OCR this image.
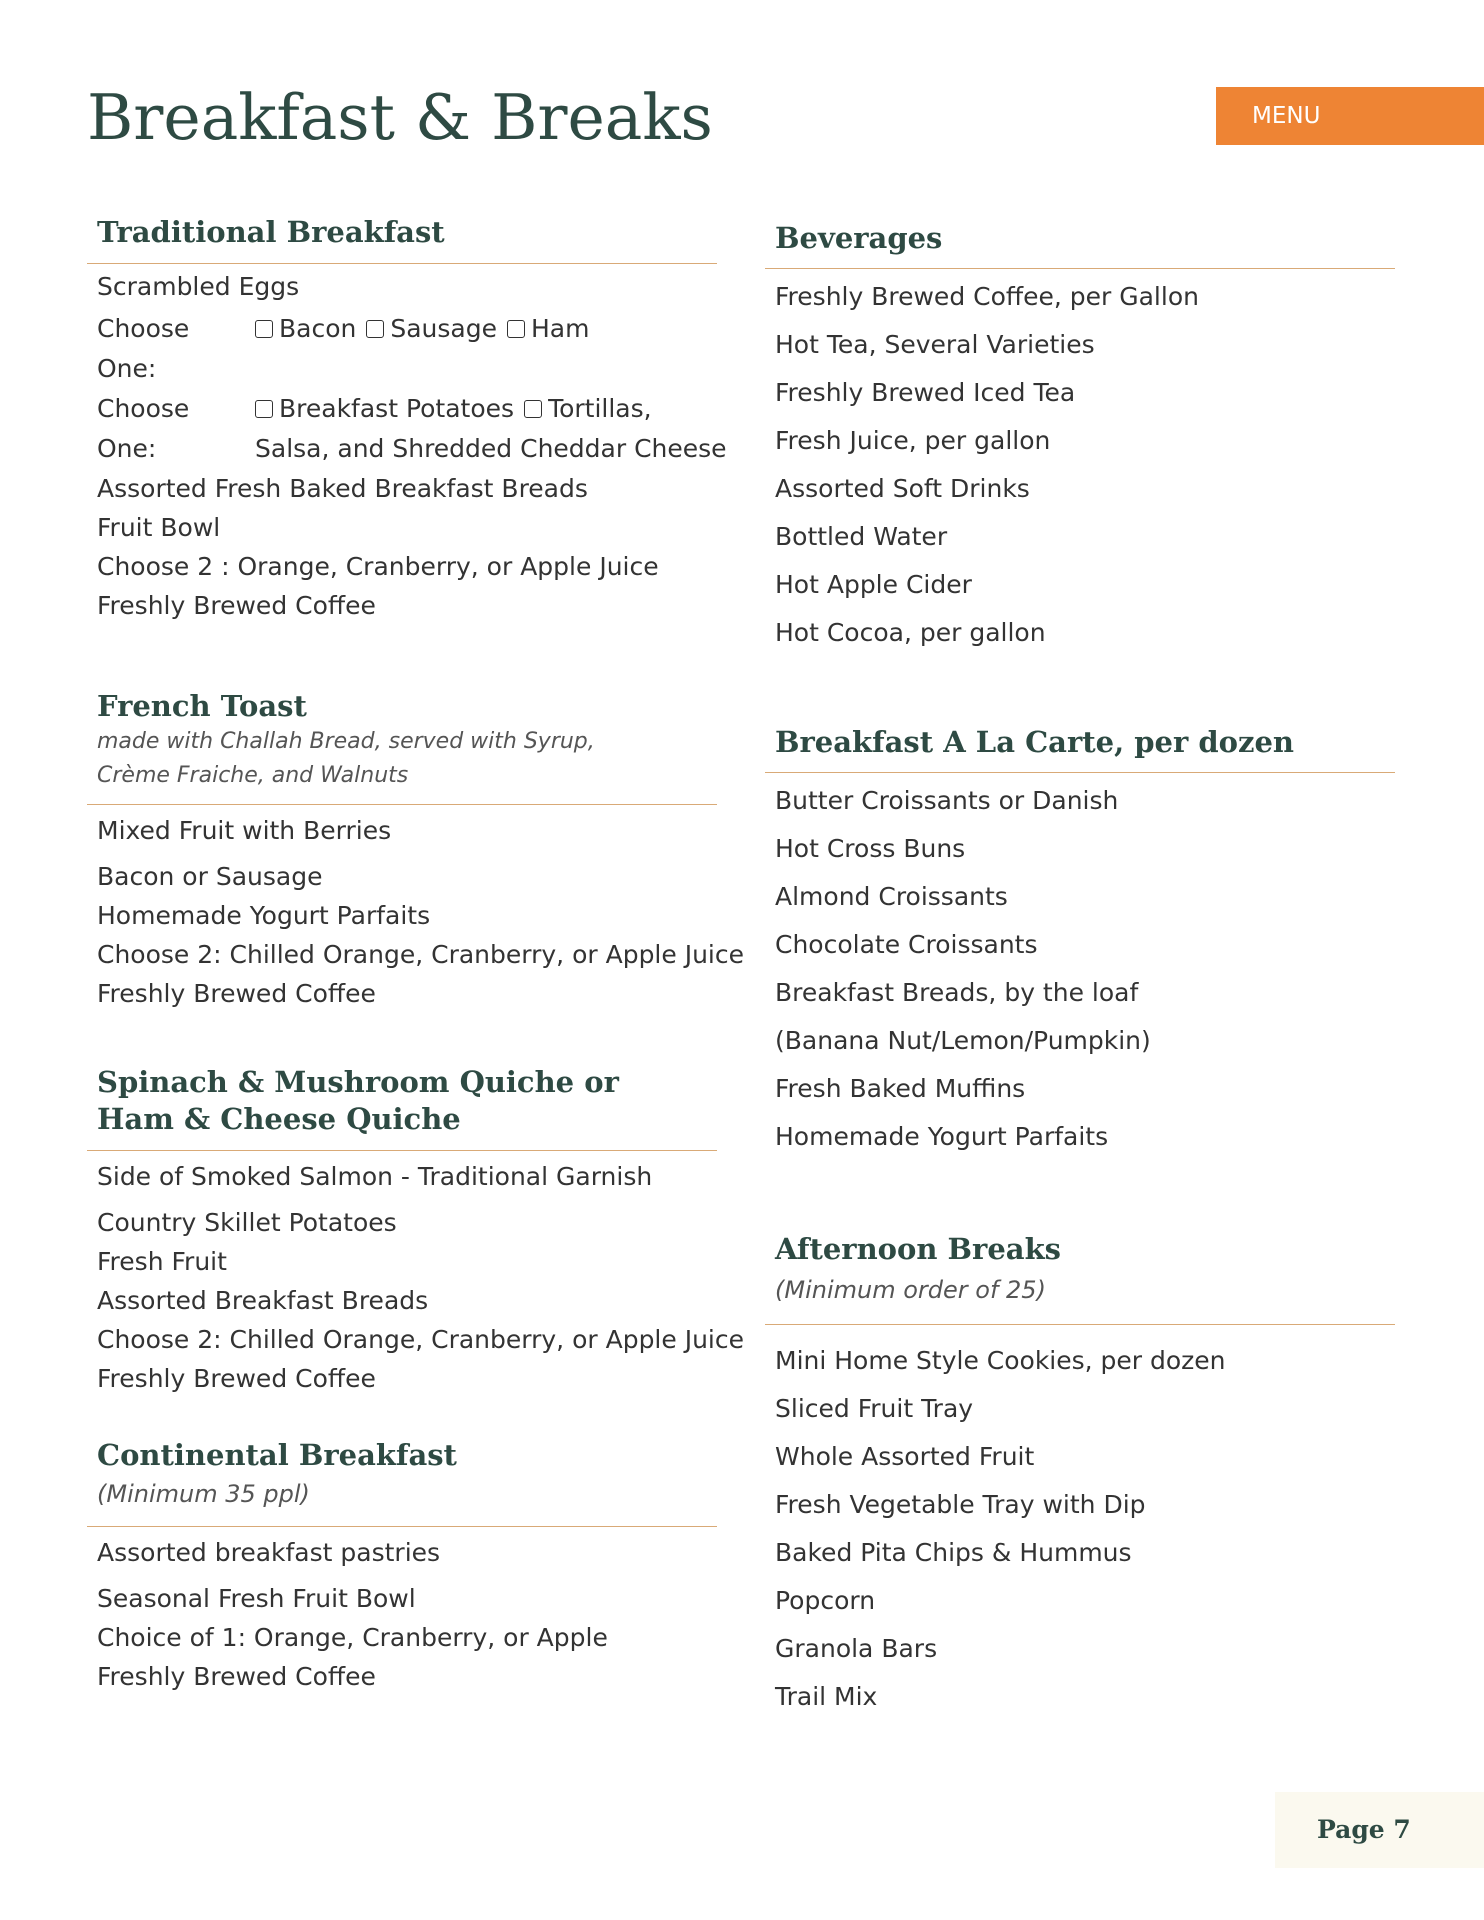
Breakfast & Breaks	MENU
Traditional Breakfast
Scrambled Eggs
Choose
One:
Bacon Sausage Ham
Choose
One:
Breakfast Potatoes Tortillas,
Salsa, and Shredded Cheddar Cheese
Assorted Fresh Baked Breakfast Breads
Fruit Bowl
Choose 2 : Orange, Cranberry, or Apple Juice
Freshly Brewed Coffee
French Toast
made with Challah Bread, served with Syrup,
Crème Fraiche, and Walnuts
Mixed Fruit with Berries
Bacon or Sausage
Homemade Yogurt Parfaits
Choose 2: Chilled Orange, Cranberry, or Apple Juice
Freshly Brewed Coffee
Spinach & Mushroom Quiche or
Ham & Cheese Quiche
Side of Smoked Salmon - Traditional Garnish
Country Skillet Potatoes
Fresh Fruit
Assorted Breakfast Breads
Choose 2: Chilled Orange, Cranberry, or Apple Juice
Freshly Brewed Coffee
Continental Breakfast
(Minimum 35 ppl)
Assorted breakfast pastries
Seasonal Fresh Fruit Bowl
Choice of 1: Orange, Cranberry, or Apple
Freshly Brewed Coffee
Beverages
Freshly Brewed Coffee, per Gallon
Hot Tea, Several Varieties
Freshly Brewed Iced Tea
Fresh Juice, per gallon
Assorted Soft Drinks
Bottled Water
Hot Apple Cider
Hot Cocoa, per gallon
Breakfast A La Carte, per dozen
Butter Croissants or Danish
Hot Cross Buns
Almond Croissants
Chocolate Croissants
Breakfast Breads, by the loaf
(Banana Nut/Lemon/Pumpkin)
Fresh Baked Muffins
Homemade Yogurt Parfaits
Afternoon Breaks
(Minimum order of 25)
Mini Home Style Cookies, per dozen
Sliced Fruit Tray
Whole Assorted Fruit
Fresh Vegetable Tray with Dip
Baked Pita Chips & Hummus
Popcorn
Granola Bars
Trail Mix
Page 7
